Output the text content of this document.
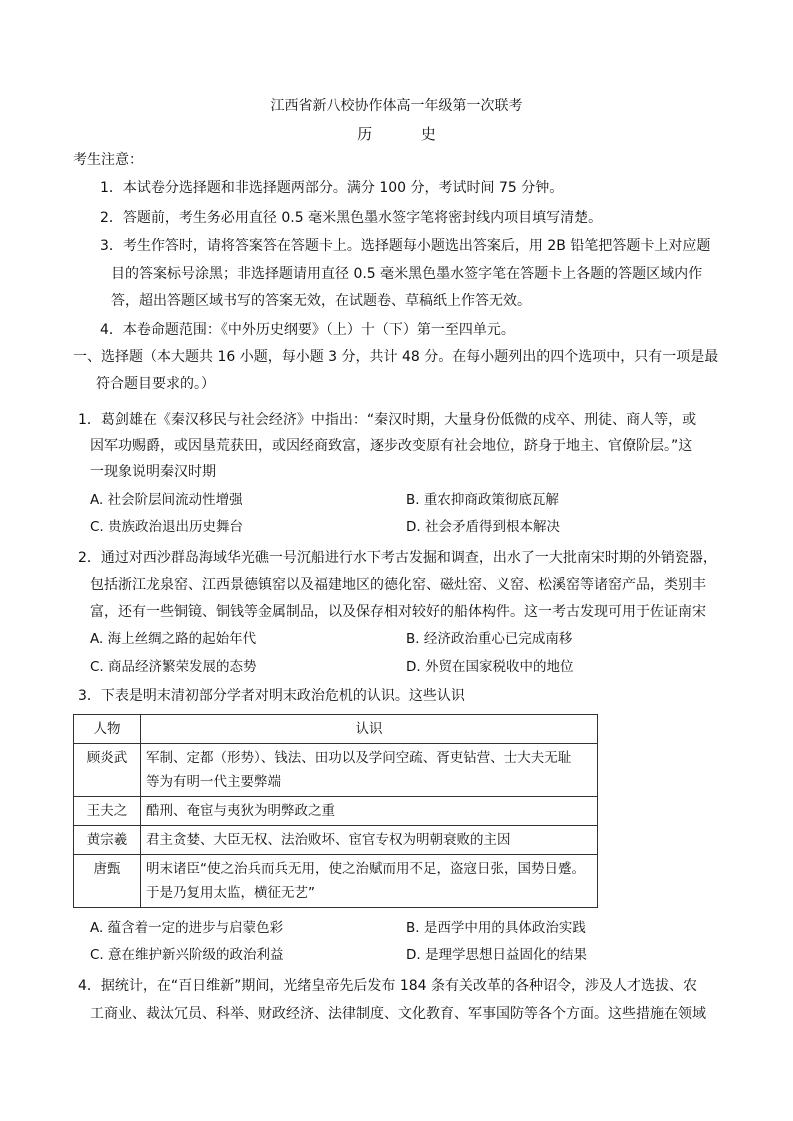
江西省新八校协作体高一年级第一次联考
历 史
考生注意：
1．本试卷分选择题和非选择题两部分。满分 100 分，考试时间 75 分钟。
2．答题前，考生务必用直径 0.5 毫米黑色墨水签字笔将密封线内项目填写清楚。
3．考生作答时，请将答案答在答题卡上。选择题每小题选出答案后，用 2B 铅笔把答题卡上对应题
目的答案标号涂黑；非选择题请用直径 0.5 毫米黑色墨水签字笔在答题卡上各题的答题区域内作
答，超出答题区域书写的答案无效，在试题卷、草稿纸上作答无效。
4．本卷命题范围：《中外历史纲要》（上）十（下）第一至四单元。
一、选择题（本大题共 16 小题，每小题 3 分，共计 48 分。在每小题列出的四个选项中，只有一项是最
符合题目要求的。）
1．葛剑雄在《秦汉移民与社会经济》中指出：“秦汉时期，大量身份低微的戍卒、刑徒、商人等，或
因军功赐爵，或因垦荒获田，或因经商致富，逐步改变原有社会地位，跻身于地主、官僚阶层。”这
一现象说明秦汉时期
A. 社会阶层间流动性增强	B. 重农抑商政策彻底瓦解
C. 贵族政治退出历史舞台	D. 社会矛盾得到根本解决
2．通过对西沙群岛海域华光礁一号沉船进行水下考古发掘和调查，出水了一大批南宋时期的外销瓷器，
包括浙江龙泉窑、江西景德镇窑以及福建地区的德化窑、磁灶窑、义窑、松溪窑等诸窑产品，类别丰
富，还有一些铜镜、铜钱等金属制品，以及保存相对较好的船体构件。这一考古发现可用于佐证南宋
A. 海上丝绸之路的起始年代	B. 经济政治重心已完成南移
C. 商品经济繁荣发展的态势	D. 外贸在国家税收中的地位
3．下表是明末清初部分学者对明末政治危机的认识。这些认识
人物	认识
顾炎武	军制、定都（形势）、钱法、田功以及学问空疏、胥吏钻营、士大夫无耻
等为有明一代主要弊端

王夫之	酷刑、奄宦与夷狄为明弊政之重
黄宗羲	君主贪婪、大臣无权、法治败坏、宦官专权为明朝衰败的主因
唐甄	明末诸臣“使之治兵而兵无用，使之治赋而用不足，盗寇日张，国势日蹙。
于是乃复用太监，横征无艺”
A. 蕴含着一定的进步与启蒙色彩	B. 是西学中用的具体政治实践
C. 意在维护新兴阶级的政治利益	D. 是理学思想日益固化的结果
4．据统计，在“百日维新”期间，光绪皇帝先后发布 184 条有关改革的各种诏令，涉及人才选拔、农
工商业、裁汰冗员、科举、财政经济、法律制度、文化教育、军事国防等各个方面。这些措施在领域
